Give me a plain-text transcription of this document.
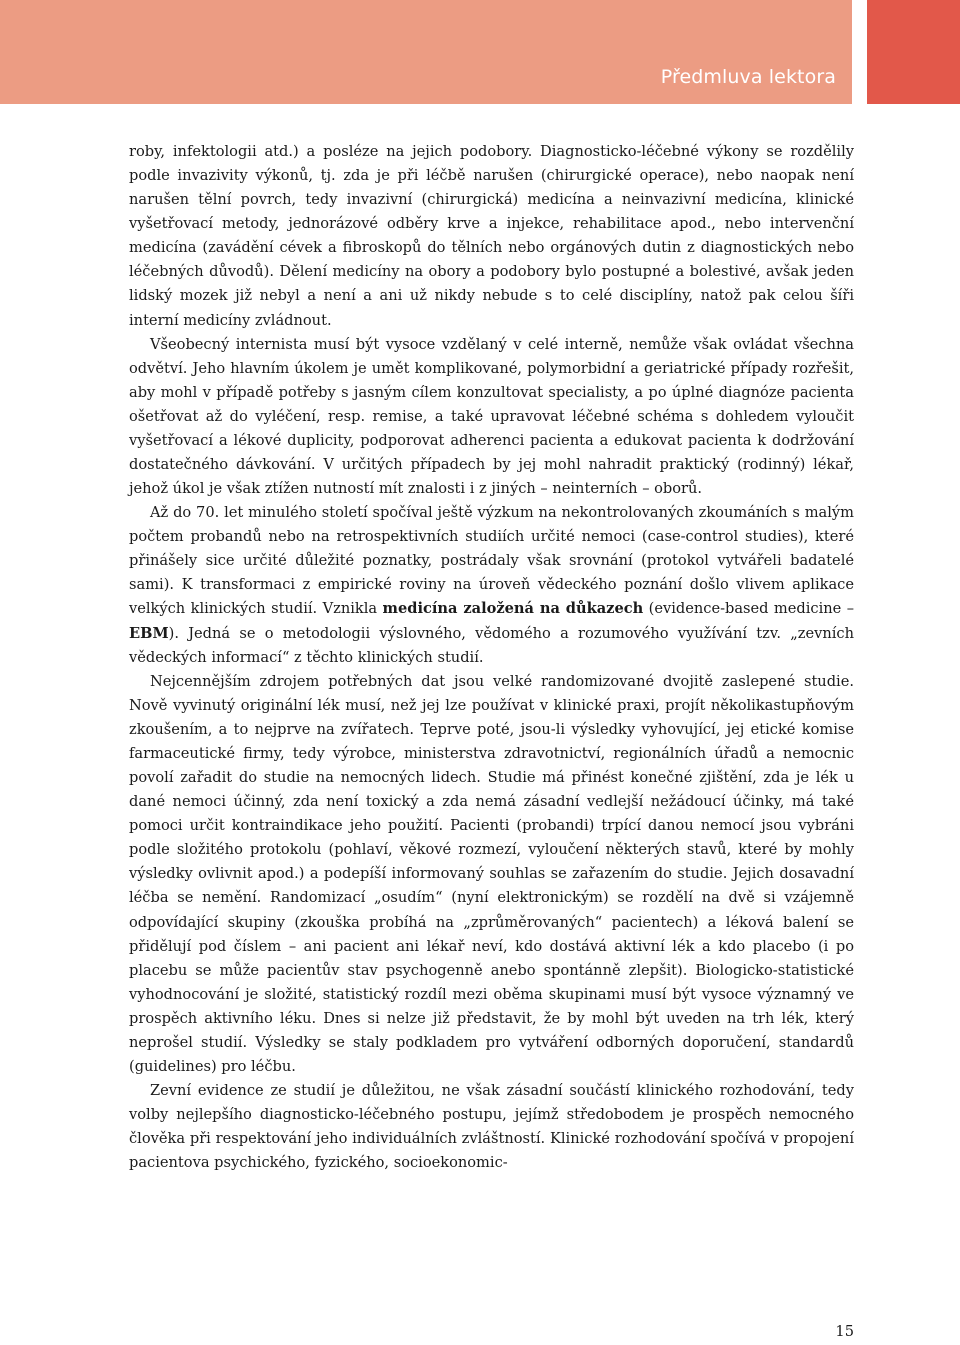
Předmluva lektora

roby, infektologii atd.) a posléze na jejich podobory. Diagnosticko-léčebné výkony se rozdělily podle invazivity výkonů, tj. zda je při léčbě narušen (chirurgické operace), nebo naopak není narušen tělní povrch, tedy invazivní (chirurgická) medicína a neinvazivní medicína, klinické vyšetřovací metody, jednorázové odběry krve a injekce, rehabilitace apod., nebo intervenční medicína (zavádění cévek a fibroskopů do tělních nebo orgánových dutin z diagnostických nebo léčebných důvodů). Dělení medicíny na obory a podobory bylo postupné a bolestivé, avšak jeden lidský mozek již nebyl a není a ani už nikdy nebude s to celé disciplíny, natož pak celou šíři interní medicíny zvládnout.

Všeobecný internista musí být vysoce vzdělaný v celé interně, nemůže však ovládat všechna odvětví. Jeho hlavním úkolem je umět komplikované, polymorbidní a geriatrické případy rozřešit, aby mohl v případě potřeby s jasným cílem konzultovat specialisty, a po úplné diagnóze pacienta ošetřovat až do vyléčení, resp. remise, a také upravovat léčebné schéma s dohledem vyloučit vyšetřovací a lékové duplicity, podporovat adherenci pacienta a edukovat pacienta k dodržování dostatečného dávkování. V určitých případech by jej mohl nahradit praktický (rodinný) lékař, jehož úkol je však ztížen nutností mít znalosti i z jiných – neinterních – oborů.

Až do 70. let minulého století spočíval ještě výzkum na nekontrolovaných zkoumáních s malým počtem probandů nebo na retrospektivních studiích určité nemoci (case-control studies), které přinášely sice určité důležité poznatky, postrádaly však srovnání (protokol vytvářeli badatelé sami). K transformaci z empirické roviny na úroveň vědeckého poznání došlo vlivem aplikace velkých klinických studií. Vznikla medicína založená na důkazech (evidence-based medicine – EBM). Jedná se o metodologii výslovného, vědomého a rozumového využívání tzv. „zevních vědeckých informací“ z těchto klinických studií.

Nejcennějším zdrojem potřebných dat jsou velké randomizované dvojitě zaslepené studie. Nově vyvinutý originální lék musí, než jej lze používat v klinické praxi, projít několikastupňovým zkoušením, a to nejprve na zvířatech. Teprve poté, jsou-li výsledky vyhovující, jej etické komise farmaceutické firmy, tedy výrobce, ministerstva zdravotnictví, regionálních úřadů a nemocnic povolí zařadit do studie na nemocných lidech. Studie má přinést konečné zjištění, zda je lék u dané nemoci účinný, zda není toxický a zda nemá zásadní vedlejší nežádoucí účinky, má také pomoci určit kontraindikace jeho použití. Pacienti (probandi) trpící danou nemocí jsou vybráni podle složitého protokolu (pohlaví, věkové rozmezí, vyloučení některých stavů, které by mohly výsledky ovlivnit apod.) a podepíší informovaný souhlas se zařazením do studie. Jejich dosavadní léčba se nemění. Randomizací „osudím“ (nyní elektronickým) se rozdělí na dvě si vzájemně odpovídající skupiny (zkouška probíhá na „zprůměrovaných“ pacientech) a léková balení se přidělují pod číslem – ani pacient ani lékař neví, kdo dostává aktivní lék a kdo placebo (i po placebu se může pacientův stav psychogenně anebo spontánně zlepšit). Biologicko-statistické vyhodnocování je složité, statistický rozdíl mezi oběma skupinami musí být vysoce významný ve prospěch aktivního léku. Dnes si nelze již představit, že by mohl být uveden na trh lék, který neprošel studií. Výsledky se staly podkladem pro vytváření odborných doporučení, standardů (guidelines) pro léčbu.

Zevní evidence ze studií je důležitou, ne však zásadní součástí klinického rozhodování, tedy volby nejlepšího diagnosticko-léčebného postupu, jejímž středobodem je prospěch nemocného člověka při respektování jeho individuálních zvláštností. Klinické rozhodování spočívá v propojení pacientova psychického, fyzického, socioekonomic-

15
